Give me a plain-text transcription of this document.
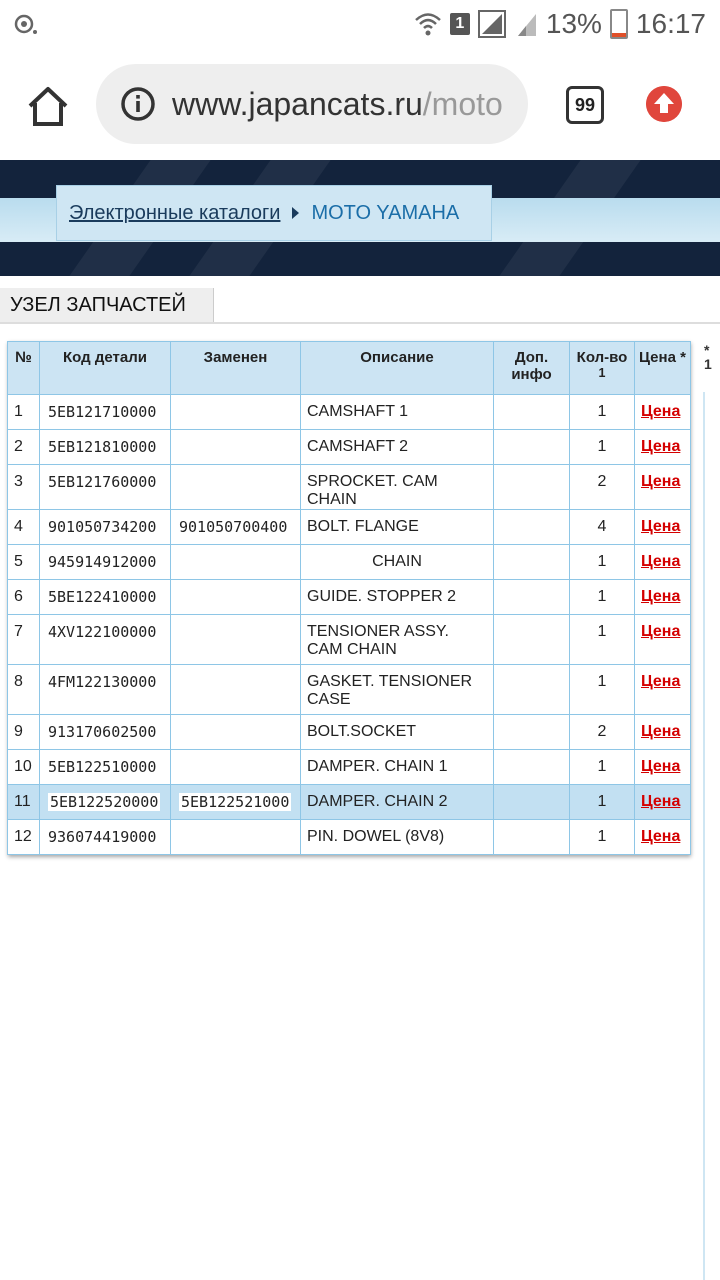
1	13% 16:17
www.japancats.ru/moto	99
Электронные каталоги MOTO YAMAHA
УЗЕЛ ЗАПЧАСТЕЙ
№	Код детали	Заменен	Описание	Доп. инфо	Кол-во $^1$	Цена *
1	5EB121710000		CAMSHAFT 1		1	Цена
2	5EB121810000		CAMSHAFT 2		1	Цена
3	5EB121760000		SPROCKET. CAM CHAIN		2	Цена
4	901050734200	901050700400	BOLT. FLANGE		4	Цена
5	945914912000		CHAIN		1	Цена
6	5BE122410000		GUIDE. STOPPER 2		1	Цена
7	4XV122100000		TENSIONER ASSY. CAM CHAIN		1	Цена
8	4FM122130000		GASKET. TENSIONER CASE		1	Цена
9	913170602500		BOLT.SOCKET		2	Цена
10	5EB122510000		DAMPER. CHAIN 1		1	Цена
11	5EB122520000	5EB122521000	DAMPER. CHAIN 2		1	Цена
12	936074419000		PIN. DOWEL (8V8)		1	Цена
*
1
